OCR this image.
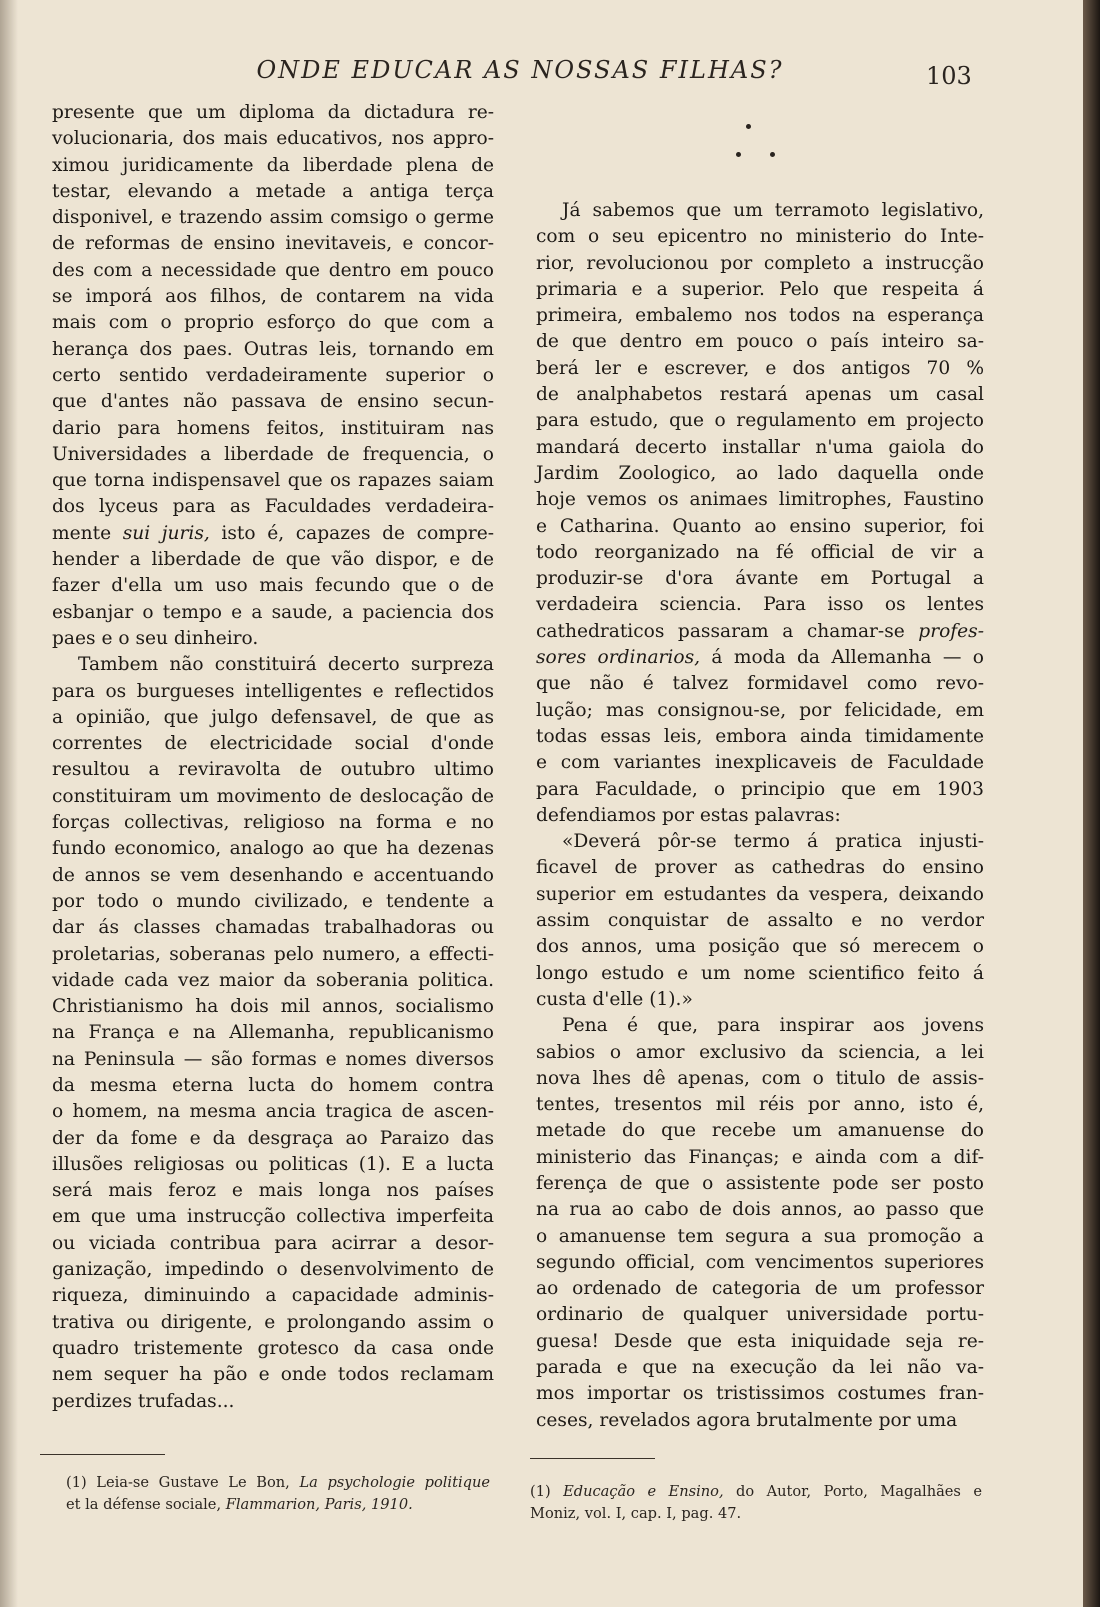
ONDE EDUCAR AS NOSSAS FILHAS?	103

presente que um diploma da dictadura re-
volucionaria, dos mais educativos, nos appro-
ximou juridicamente da liberdade plena de
testar, elevando a metade a antiga terça
disponivel, e trazendo assim comsigo o germe
de reformas de ensino inevitaveis, e concor-
des com a necessidade que dentro em pouco
se imporá aos filhos, de contarem na vida
mais com o proprio esforço do que com a
herança dos paes. Outras leis, tornando em
certo sentido verdadeiramente superior o
que d'antes não passava de ensino secun-
dario para homens feitos, instituiram nas
Universidades a liberdade de frequencia, o
que torna indispensavel que os rapazes saiam
dos lyceus para as Faculdades verdadeira-
mente sui juris, isto é, capazes de compre-
hender a liberdade de que vão dispor, e de
fazer d'ella um uso mais fecundo que o de
esbanjar o tempo e a saude, a paciencia dos
paes e o seu dinheiro.

Tambem não constituirá decerto surpreza
para os burgueses intelligentes e reflectidos
a opinião, que julgo defensavel, de que as
correntes de electricidade social d'onde
resultou a reviravolta de outubro ultimo
constituiram um movimento de deslocação de
forças collectivas, religioso na forma e no
fundo economico, analogo ao que ha dezenas
de annos se vem desenhando e accentuando
por todo o mundo civilizado, e tendente a
dar ás classes chamadas trabalhadoras ou
proletarias, soberanas pelo numero, a effecti-
vidade cada vez maior da soberania politica.
Christianismo ha dois mil annos, socialismo
na França e na Allemanha, republicanismo
na Peninsula — são formas e nomes diversos
da mesma eterna lucta do homem contra
o homem, na mesma ancia tragica de ascen-
der da fome e da desgraça ao Paraizo das
illusões religiosas ou politicas (1). E a lucta
será mais feroz e mais longa nos países
em que uma instrucção collectiva imperfeita
ou viciada contribua para acirrar a desor-
ganização, impedindo o desenvolvimento de
riqueza, diminuindo a capacidade adminis-
trativa ou dirigente, e prolongando assim o
quadro tristemente grotesco da casa onde
nem sequer ha pão e onde todos reclamam
perdizes trufadas...

Já sabemos que um terramoto legislativo,
com o seu epicentro no ministerio do Inte-
rior, revolucionou por completo a instrucção
primaria e a superior. Pelo que respeita á
primeira, embalemo nos todos na esperança
de que dentro em pouco o país inteiro sa-
berá ler e escrever, e dos antigos 70 %
de analphabetos restará apenas um casal
para estudo, que o regulamento em projecto
mandará decerto installar n'uma gaiola do
Jardim Zoologico, ao lado daquella onde
hoje vemos os animaes limitrophes, Faustino
e Catharina. Quanto ao ensino superior, foi
todo reorganizado na fé official de vir a
produzir-se d'ora ávante em Portugal a
verdadeira sciencia. Para isso os lentes
cathedraticos passaram a chamar-se profes-
sores ordinarios, á moda da Allemanha — o
que não é talvez formidavel como revo-
lução; mas consignou-se, por felicidade, em
todas essas leis, embora ainda timidamente
e com variantes inexplicaveis de Faculdade
para Faculdade, o principio que em 1903
defendiamos por estas palavras:

«Deverá pôr-se termo á pratica injusti-
ficavel de prover as cathedras do ensino
superior em estudantes da vespera, deixando
assim conquistar de assalto e no verdor
dos annos, uma posição que só merecem o
longo estudo e um nome scientifico feito á
custa d'elle (1).»

Pena é que, para inspirar aos jovens
sabios o amor exclusivo da sciencia, a lei
nova lhes dê apenas, com o titulo de assis-
tentes, tresentos mil réis por anno, isto é,
metade do que recebe um amanuense do
ministerio das Finanças; e ainda com a dif-
ferença de que o assistente pode ser posto
na rua ao cabo de dois annos, ao passo que
o amanuense tem segura a sua promoção a
segundo official, com vencimentos superiores
ao ordenado de categoria de um professor
ordinario de qualquer universidade portu-
guesa! Desde que esta iniquidade seja re-
parada e que na execução da lei não va-
mos importar os tristissimos costumes fran-
ceses, revelados agora brutalmente por uma

(1) Leia-se Gustave Le Bon, La psychologie politique
et la défense sociale, Flammarion, Paris, 1910.
(1) Educação e Ensino, do Autor, Porto, Magalhães e
Moniz, vol. I, cap. I, pag. 47.
